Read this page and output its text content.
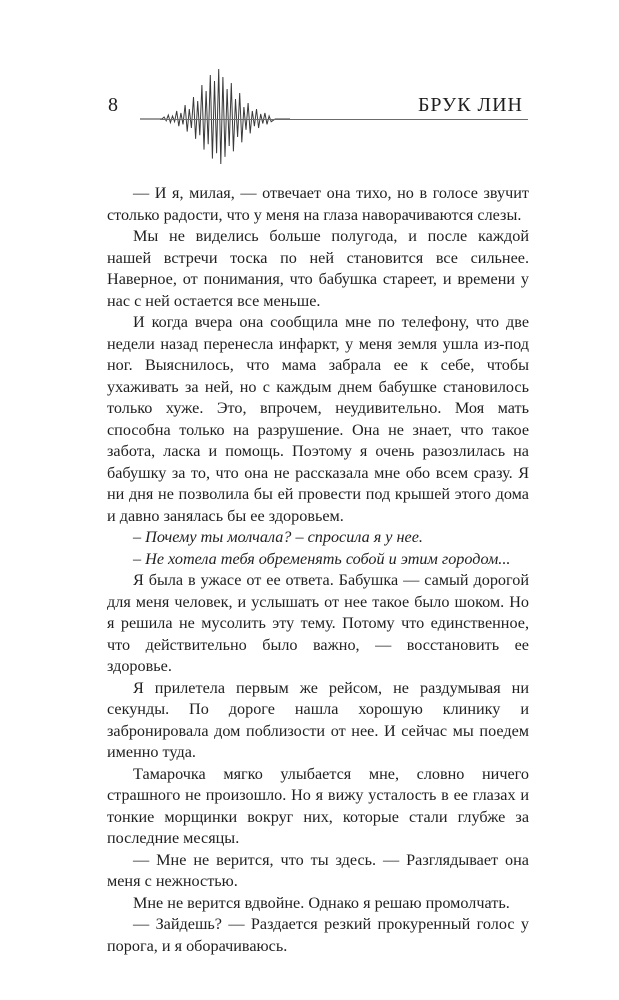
8	БРУК ЛИН

— И я, милая, — отвечает она тихо, но в голосе звучит столько радости, что у меня на глаза наворачиваются слезы.

Мы не виделись больше полугода, и после каждой нашей встречи тоска по ней становится все сильнее. Наверное, от понимания, что бабушка стареет, и времени у нас с ней остается все меньше.

И когда вчера она сообщила мне по телефону, что две недели назад перенесла инфаркт, у меня земля ушла из-под ног. Выяснилось, что мама забрала ее к себе, чтобы ухаживать за ней, но с каждым днем бабушке становилось только хуже. Это, впрочем, неудивительно. Моя мать способна только на разрушение. Она не знает, что такое забота, ласка и помощь. Поэтому я очень разозлилась на бабушку за то, что она не рассказала мне обо всем сразу. Я ни дня не позволила бы ей провести под крышей этого дома и давно занялась бы ее здоровьем.

– Почему ты молчала? – спросила я у нее.

– Не хотела тебя обременять собой и этим городом...

Я была в ужасе от ее ответа. Бабушка — самый дорогой для меня человек, и услышать от нее такое было шоком. Но я решила не мусолить эту тему. Потому что единственное, что действительно было важно, — восстановить ее здоровье.

Я прилетела первым же рейсом, не раздумывая ни секунды. По дороге нашла хорошую клинику и забронировала дом поблизости от нее. И сейчас мы поедем именно туда.

Тамарочка мягко улыбается мне, словно ничего страшного не произошло. Но я вижу усталость в ее глазах и тонкие морщинки вокруг них, которые стали глубже за последние месяцы.

— Мне не верится, что ты здесь. — Разглядывает она меня с нежностью.

Мне не верится вдвойне. Однако я решаю промолчать.

— Зайдешь? — Раздается резкий прокуренный голос у порога, и я оборачиваюсь.
